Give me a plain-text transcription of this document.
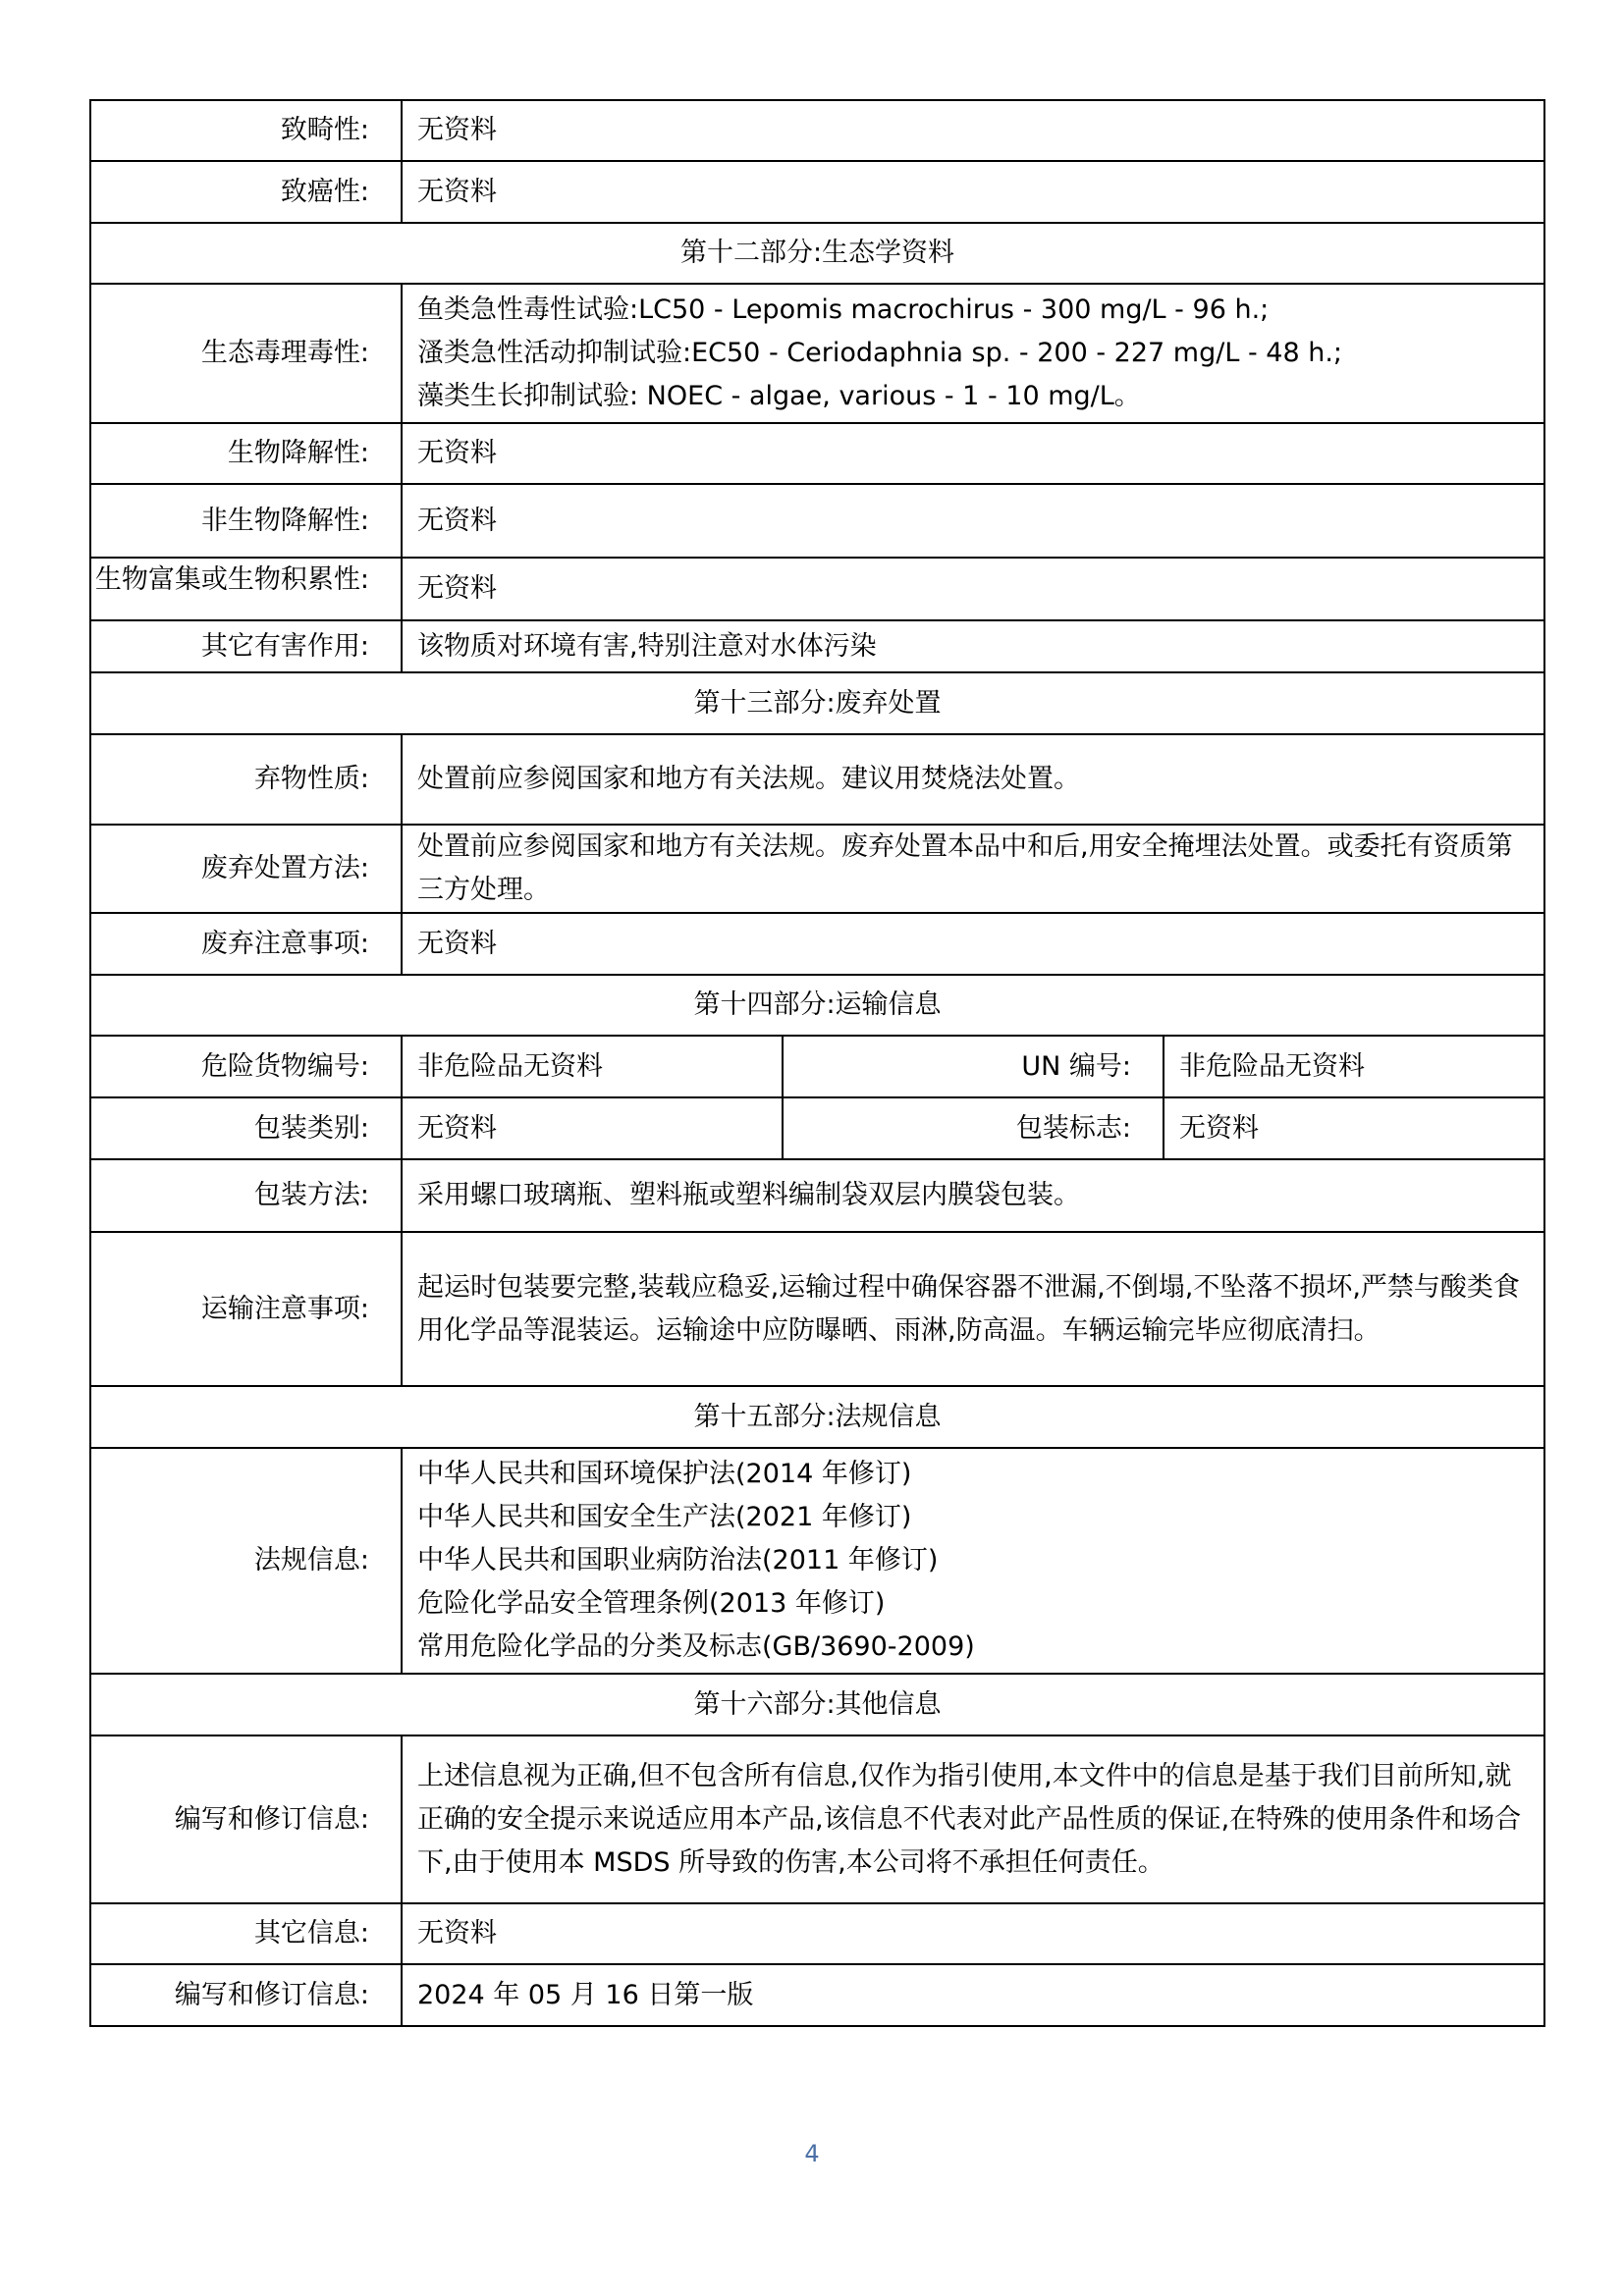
致畸性:	无资料		
致癌性:	无资料		
第十二部分:生态学资料			
生态毒理毒性:	鱼类急性毒性试验:LC50 - Lepomis macrochirus - 300 mg/L - 96 h.;
溞类急性活动抑制试验:EC50 - Ceriodaphnia sp. - 200 - 227 mg/L - 48 h.;
藻类生长抑制试验: NOEC - algae, various - 1 - 10 mg/L。		

生物降解性:	无资料		
非生物降解性:	无资料		

生物富集或生物积累性:	无资料		
其它有害作用:	该物质对环境有害,特别注意对水体污染		
第十三部分:废弃处置			
弃物性质:	处置前应参阅国家和地方有关法规。建议用焚烧法处置。		
废弃处置方法:	处置前应参阅国家和地方有关法规。废弃处置本品中和后,用安全掩埋法处置。或委托有资质第三方处理。		
废弃注意事项:	无资料		
第十四部分:运输信息			
危险货物编号:	非危险品无资料	UN 编号:	非危险品无资料
包装类别:	无资料	包装标志:	无资料
包装方法:	采用螺口玻璃瓶、塑料瓶或塑料编制袋双层内膜袋包装。		
运输注意事项:	起运时包装要完整,装载应稳妥,运输过程中确保容器不泄漏,不倒塌,不坠落不损坏,严禁与酸类食用化学品等混装运。运输途中应防曝晒、雨淋,防高温。车辆运输完毕应彻底清扫。		
第十五部分:法规信息			
法规信息:	中华人民共和国环境保护法(2014 年修订)
中华人民共和国安全生产法(2021 年修订)
中华人民共和国职业病防治法(2011 年修订)
危险化学品安全管理条例(2013 年修订)
常用危险化学品的分类及标志(GB/3690-2009)		

第十六部分:其他信息			
编写和修订信息:	上述信息视为正确,但不包含所有信息,仅作为指引使用,本文件中的信息是基于我们目前所知,就正确的安全提示来说适应用本产品,该信息不代表对此产品性质的保证,在特殊的使用条件和场合下,由于使用本 MSDS 所导致的伤害,本公司将不承担任何责任。		
其它信息:	无资料		
编写和修订信息:	2024 年 05 月 16 日第一版		
4
